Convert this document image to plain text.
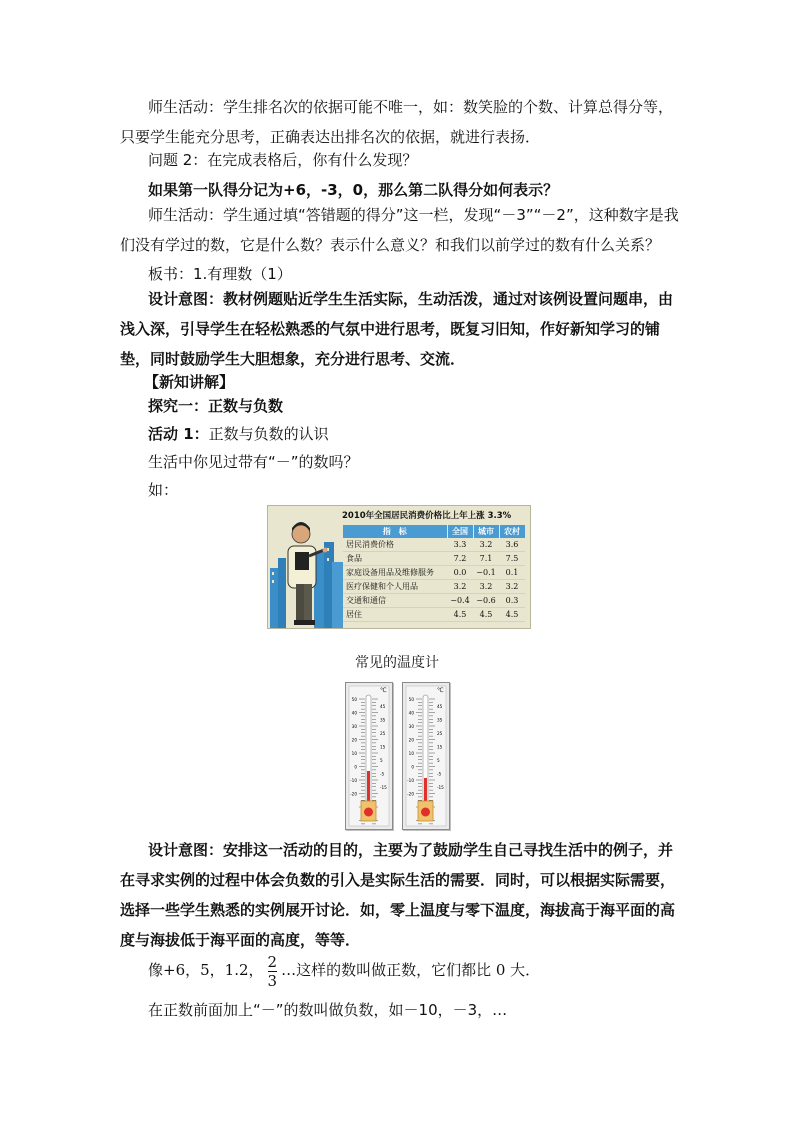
师生活动：学生排名次的依据可能不唯一，如：数笑脸的个数、计算总得分等，只要学生能充分思考，正确表达出排名次的依据，就进行表扬．

问题 2：在完成表格后，你有什么发现？
如果第一队得分记为+6，-3，0，那么第二队得分如何表示？

师生活动：学生通过填“答错题的得分”这一栏，发现“－3”“－2”，这种数字是我们没有学过的数，它是什么数？表示什么意义？和我们以前学过的数有什么关系？

板书：1.有理数（1）

设计意图：教材例题贴近学生生活实际，生动活泼，通过对该例设置问题串，由浅入深，引导学生在轻松熟悉的气氛中进行思考，既复习旧知，作好新知学习的铺垫，同时鼓励学生大胆想象，充分进行思考、交流．

【新知讲解】
探究一：正数与负数
活动 1：正数与负数的认识
生活中你见过带有“－”的数吗？
如：
2010年全国居民消费价格比上年上涨 3.3%
指　标	全国	城市	农村
居民消费价格	3.3	3.2	3.6
食品	7.2	7.1	7.5
家庭设备用品及维修服务	0.0	−0.1	0.1
医疗保健和个人用品	3.2	3.2	3.2
交通和通信	−0.4	−0.6	0.3
居住	4.5	4.5	4.5
常见的温度计
50
40
30
20
10
0
-10
-20
45
35
25
15
5
-5
-15
℃
50
40
30
20
10
0
-10
-20
45
35
25
15
5
-5
-15
℃

设计意图：安排这一活动的目的，主要为了鼓励学生自己寻找生活中的例子，并在寻求实例的过程中体会负数的引入是实际生活的需要．同时，可以根据实际需要，选择一些学生熟悉的实例展开讨论．如，零上温度与零下温度，海拔高于海平面的高度与海拔低于海平面的高度，等等．

像+6，5，1.2， $\frac{2}{3}$ …这样的数叫做正数，它们都比 0 大．
在正数前面加上“－”的数叫做负数，如－10，－3，…
